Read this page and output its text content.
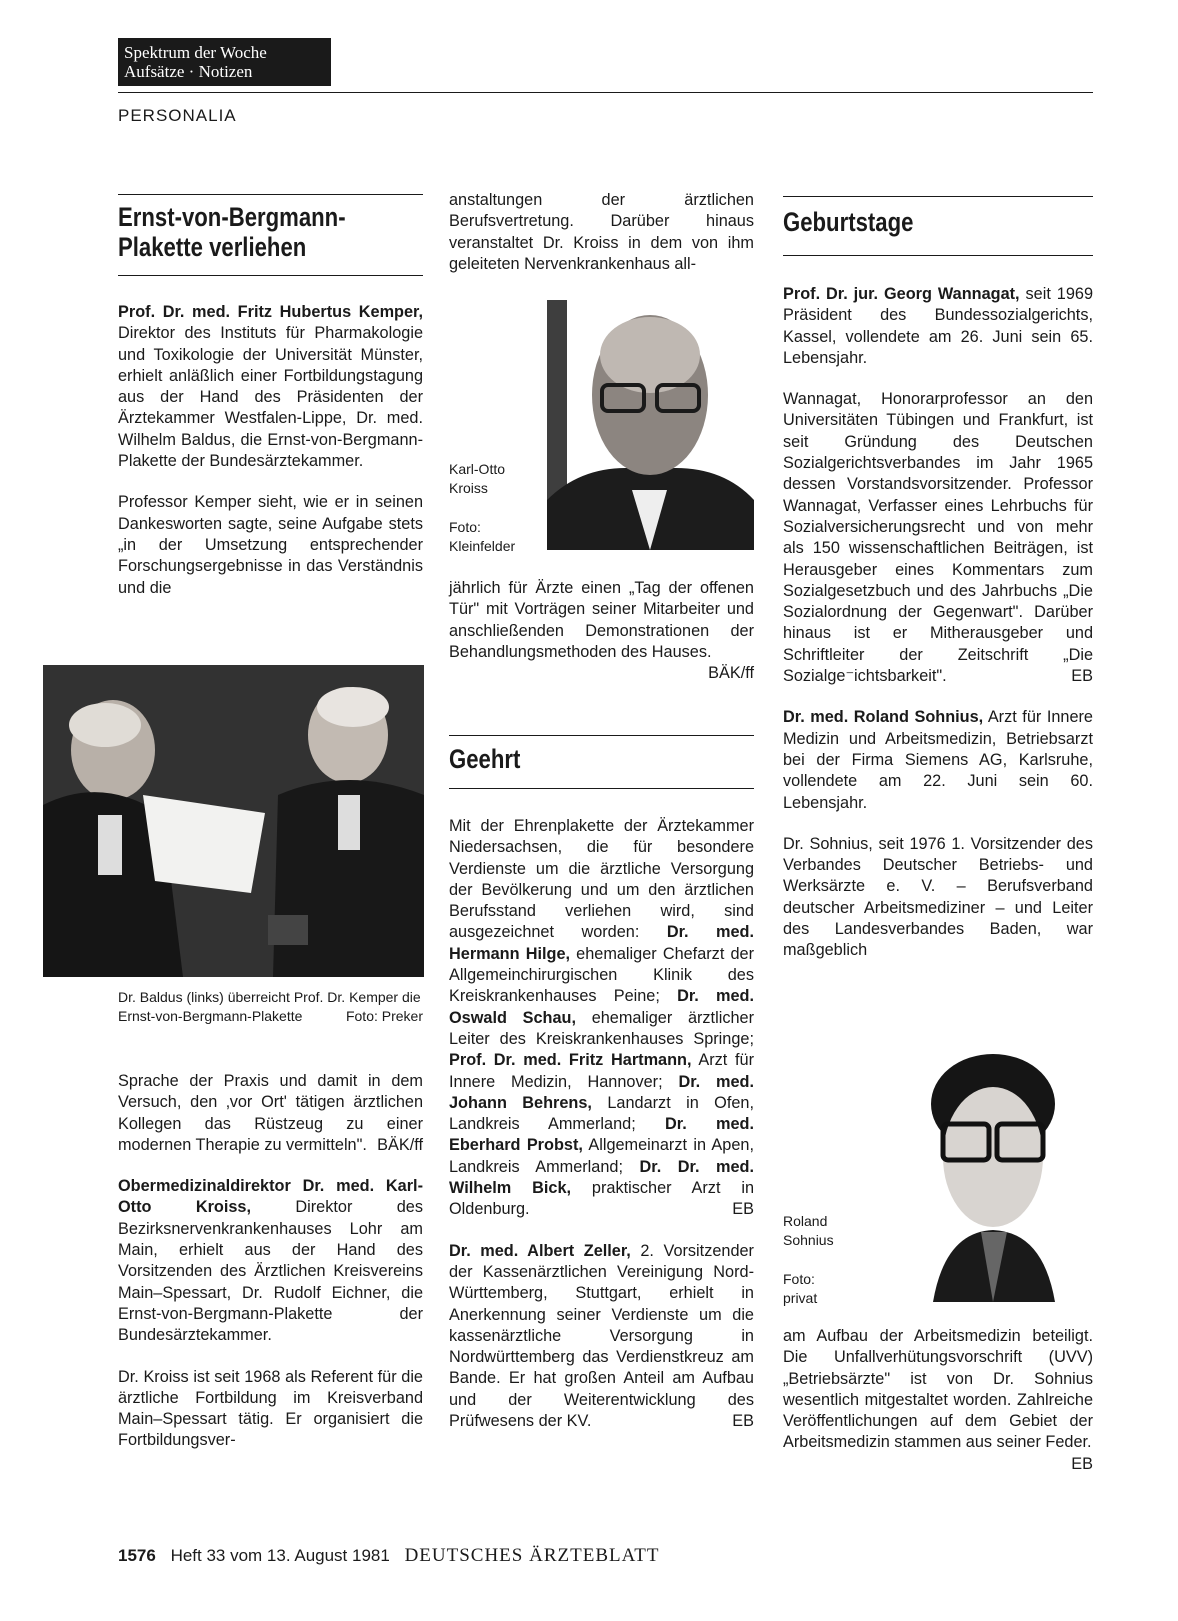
Spektrum der Woche
Aufsätze · Notizen
PERSONALIA
Ernst-von-Bergmann-
Plakette verliehen

Prof. Dr. med. Fritz Hubertus Kemper, Direktor des Instituts für Pharmakologie und Toxikologie der Universität Münster, erhielt anläßlich einer Fortbildungstagung aus der Hand des Präsidenten der Ärztekammer Westfalen-Lippe, Dr. med. Wilhelm Baldus, die Ernst-von-Bergmann-Plakette der Bundesärztekammer.

Professor Kemper sieht, wie er in seinen Dankesworten sagte, seine Aufgabe stets „in der Umsetzung entsprechender Forschungsergebnisse in das Verständnis und die

Dr. Baldus (links) überreicht Prof. Dr. Kemper die Ernst-von-Bergmann-Plakette	Foto: Preker

Sprache der Praxis und damit in dem Versuch, den ‚vor Ort' tätigen ärztlichen Kollegen das Rüstzeug zu einer modernen Therapie zu vermitteln". BÄK/ff

Obermedizinaldirektor Dr. med. Karl-Otto Kroiss, Direktor des Bezirksnervenkrankenhauses Lohr am Main, erhielt aus der Hand des Vorsitzenden des Ärztlichen Kreisvereins Main–Spessart, Dr. Rudolf Eichner, die Ernst-von-Bergmann-Plakette der Bundesärztekammer.

Dr. Kroiss ist seit 1968 als Referent für die ärztliche Fortbildung im Kreisverband Main–Spessart tätig. Er organisiert die Fortbildungsver-

anstaltungen der ärztlichen Berufsvertretung. Darüber hinaus veranstaltet Dr. Kroiss in dem von ihm geleiteten Nervenkrankenhaus all-
Karl-Otto
Kroiss
Foto:
Kleinfelder

jährlich für Ärzte einen „Tag der offenen Tür" mit Vorträgen seiner Mitarbeiter und anschließenden Demonstrationen der Behandlungsmethoden des Hauses.
BÄK/ff

Geehrt

Mit der Ehrenplakette der Ärztekammer Niedersachsen, die für besondere Verdienste um die ärztliche Versorgung der Bevölkerung und um den ärztlichen Berufsstand verliehen wird, sind ausgezeichnet worden: Dr. med. Hermann Hilge, ehemaliger Chefarzt der Allgemeinchirurgischen Klinik des Kreiskrankenhauses Peine; Dr. med. Oswald Schau, ehemaliger ärztlicher Leiter des Kreiskrankenhauses Springe; Prof. Dr. med. Fritz Hartmann, Arzt für Innere Medizin, Hannover; Dr. med. Johann Behrens, Landarzt in Ofen, Landkreis Ammerland; Dr. med. Eberhard Probst, Allgemeinarzt in Apen, Landkreis Ammerland; Dr. Dr. med. Wilhelm Bick, praktischer Arzt in Oldenburg.	EB

Dr. med. Albert Zeller, 2. Vorsitzender der Kassenärztlichen Vereinigung Nord-Württemberg, Stuttgart, erhielt in Anerkennung seiner Verdienste um die kassenärztliche Versorgung in Nordwürttemberg das Verdienstkreuz am Bande. Er hat großen Anteil am Aufbau und der Weiterentwicklung des Prüfwesens der KV.	EB

Geburtstage

Prof. Dr. jur. Georg Wannagat, seit 1969 Präsident des Bundessozialgerichts, Kassel, vollendete am 26. Juni sein 65. Lebensjahr.

Wannagat, Honorarprofessor an den Universitäten Tübingen und Frankfurt, ist seit Gründung des Deutschen Sozialgerichtsverbandes im Jahr 1965 dessen Vorstandsvorsitzender. Professor Wannagat, Verfasser eines Lehrbuchs für Sozialversicherungsrecht und von mehr als 150 wissenschaftlichen Beiträgen, ist Herausgeber eines Kommentars zum Sozialgesetzbuch und des Jahrbuchs „Die Sozialordnung der Gegenwart". Darüber hinaus ist er Mitherausgeber und Schriftleiter der Zeitschrift „Die Sozialge⁻ichtsbarkeit".	EB

Dr. med. Roland Sohnius, Arzt für Innere Medizin und Arbeitsmedizin, Betriebsarzt bei der Firma Siemens AG, Karlsruhe, vollendete am 22. Juni sein 60. Lebensjahr.

Dr. Sohnius, seit 1976 1. Vorsitzender des Verbandes Deutscher Betriebs- und Werksärzte e. V. – Berufsverband deutscher Arbeitsmediziner – und Leiter des Landesverbandes Baden, war maßgeblich

Roland
Sohnius
Foto:
privat

am Aufbau der Arbeitsmedizin beteiligt. Die Unfallverhütungsvorschrift (UVV) „Betriebsärzte" ist von Dr. Sohnius wesentlich mitgestaltet worden. Zahlreiche Veröffentlichungen auf dem Gebiet der Arbeitsmedizin stammen aus seiner Feder.
EB

1576 Heft 33 vom 13. August 1981 DEUTSCHES ÄRZTEBLATT
